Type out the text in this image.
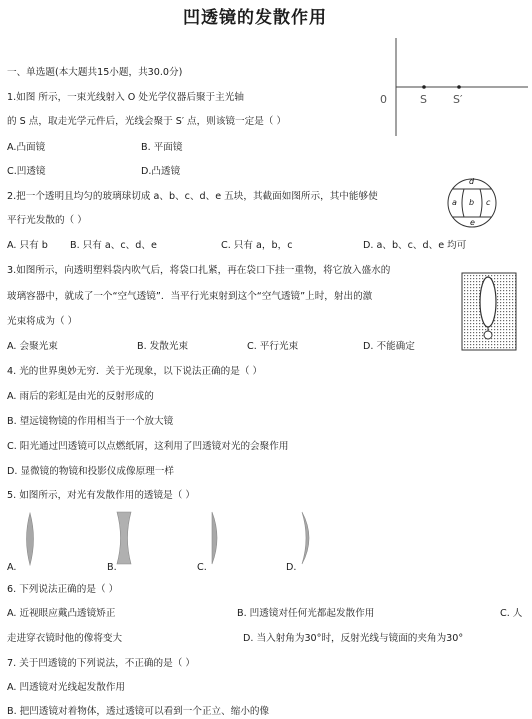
凹透镜的发散作用
一、单选题(本大题共15小题，共30.0分)
1.如图 所示，一束光线射入 O 处光学仪器后聚于主光轴
的 S 点，取走光学元件后，光线会聚于 S′ 点，则该镜一定是（ ）
A.凸面镜	B. 平面镜
C.凹透镜	D.凸透镜
0	S S′
2.把一个透明且均匀的玻璃球切成 a、b、c、d、e 五块，其截面如图所示，其中能够使
平行光发散的（ ）
A. 只有 b B. 只有 a、c、d、e	C. 只有 a，b，c	D. a、b、c、d、e 均可
d
a b c
e
3.如图所示，向透明塑料袋内吹气后，将袋口扎紧，再在袋口下挂一重物，将它放入盛水的
玻璃容器中，就成了一个“空气透镜”．当平行光束射到这个“空气透镜”上时，射出的激
光束将成为（ ）
A. 会聚光束	B. 发散光束	C. 平行光束	D. 不能确定
4. 光的世界奥妙无穷．关于光现象，以下说法正确的是（ ）
A. 雨后的彩虹是由光的反射形成的
B. 望远镜物镜的作用相当于一个放大镜
C. 阳光通过凹透镜可以点燃纸屑，这利用了凹透镜对光的会聚作用
D. 显微镜的物镜和投影仪成像原理一样
5. 如图所示，对光有发散作用的透镜是（ ）
A.	B.	C.	D.
6. 下列说法正确的是（ ）
A. 近视眼应戴凸透镜矫正	B. 凹透镜对任何光都起发散作用	C. 人
走进穿衣镜时他的像将变大	D. 当入射角为30°时，反射光线与镜面的夹角为30°
7. 关于凹透镜的下列说法，不正确的是（ ）
A. 凹透镜对光线起发散作用
B. 把凹透镜对着物体，透过透镜可以看到一个正立、缩小的像
